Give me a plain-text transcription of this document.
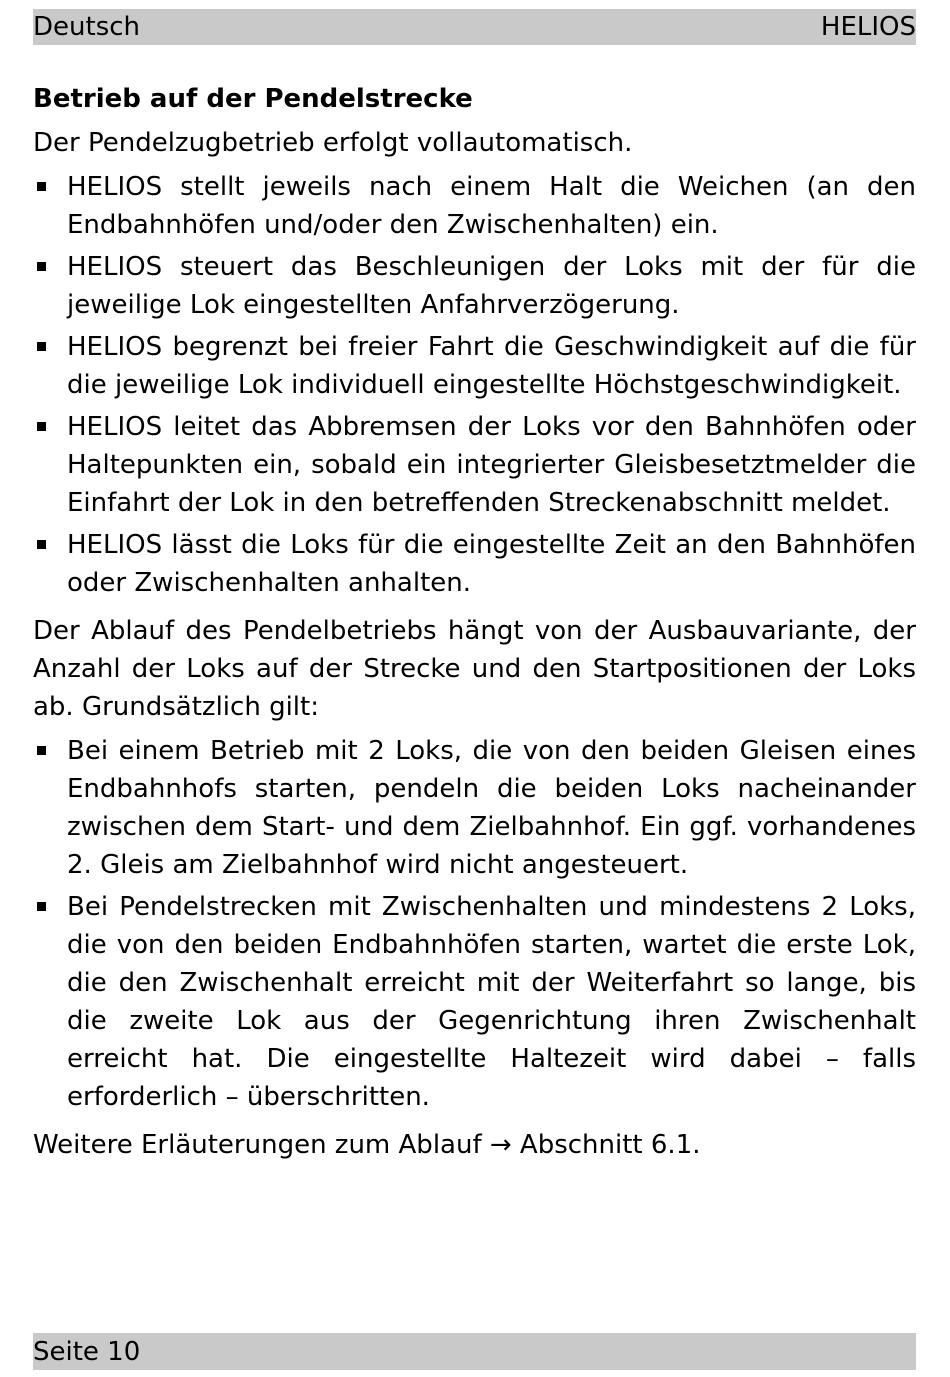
Deutsch	HELIOS
Betrieb auf der Pendelstrecke

Der Pendelzugbetrieb erfolgt vollautomatisch.

HELIOS stellt jeweils nach einem Halt die Weichen (an den Endbahnhöfen und/oder den Zwischenhalten) ein.
HELIOS steuert das Beschleunigen der Loks mit der für die jeweilige Lok eingestellten Anfahrverzögerung.
HELIOS begrenzt bei freier Fahrt die Geschwindigkeit auf die für die jeweilige Lok individuell eingestellte Höchstgeschwindigkeit.
HELIOS leitet das Abbremsen der Loks vor den Bahnhöfen oder Haltepunkten ein, sobald ein integrierter Gleisbesetztmelder die Einfahrt der Lok in den betreffenden Streckenabschnitt meldet.
HELIOS lässt die Loks für die eingestellte Zeit an den Bahnhöfen oder Zwischenhalten anhalten.

Der Ablauf des Pendelbetriebs hängt von der Ausbauvariante, der Anzahl der Loks auf der Strecke und den Startpositionen der Loks ab. Grundsätzlich gilt:

Bei einem Betrieb mit 2 Loks, die von den beiden Gleisen eines Endbahnhofs starten, pendeln die beiden Loks nacheinander zwischen dem Start- und dem Zielbahnhof. Ein ggf. vorhandenes 2. Gleis am Zielbahnhof wird nicht angesteuert.
Bei Pendelstrecken mit Zwischenhalten und mindestens 2 Loks, die von den beiden Endbahnhöfen starten, wartet die erste Lok, die den Zwischenhalt erreicht mit der Weiterfahrt so lange, bis die zweite Lok aus der Gegenrichtung ihren Zwischenhalt erreicht hat. Die eingestellte Haltezeit wird dabei – falls erforderlich – überschritten.

Weitere Erläuterungen zum Ablauf → Abschnitt 6.1.

Seite 10
